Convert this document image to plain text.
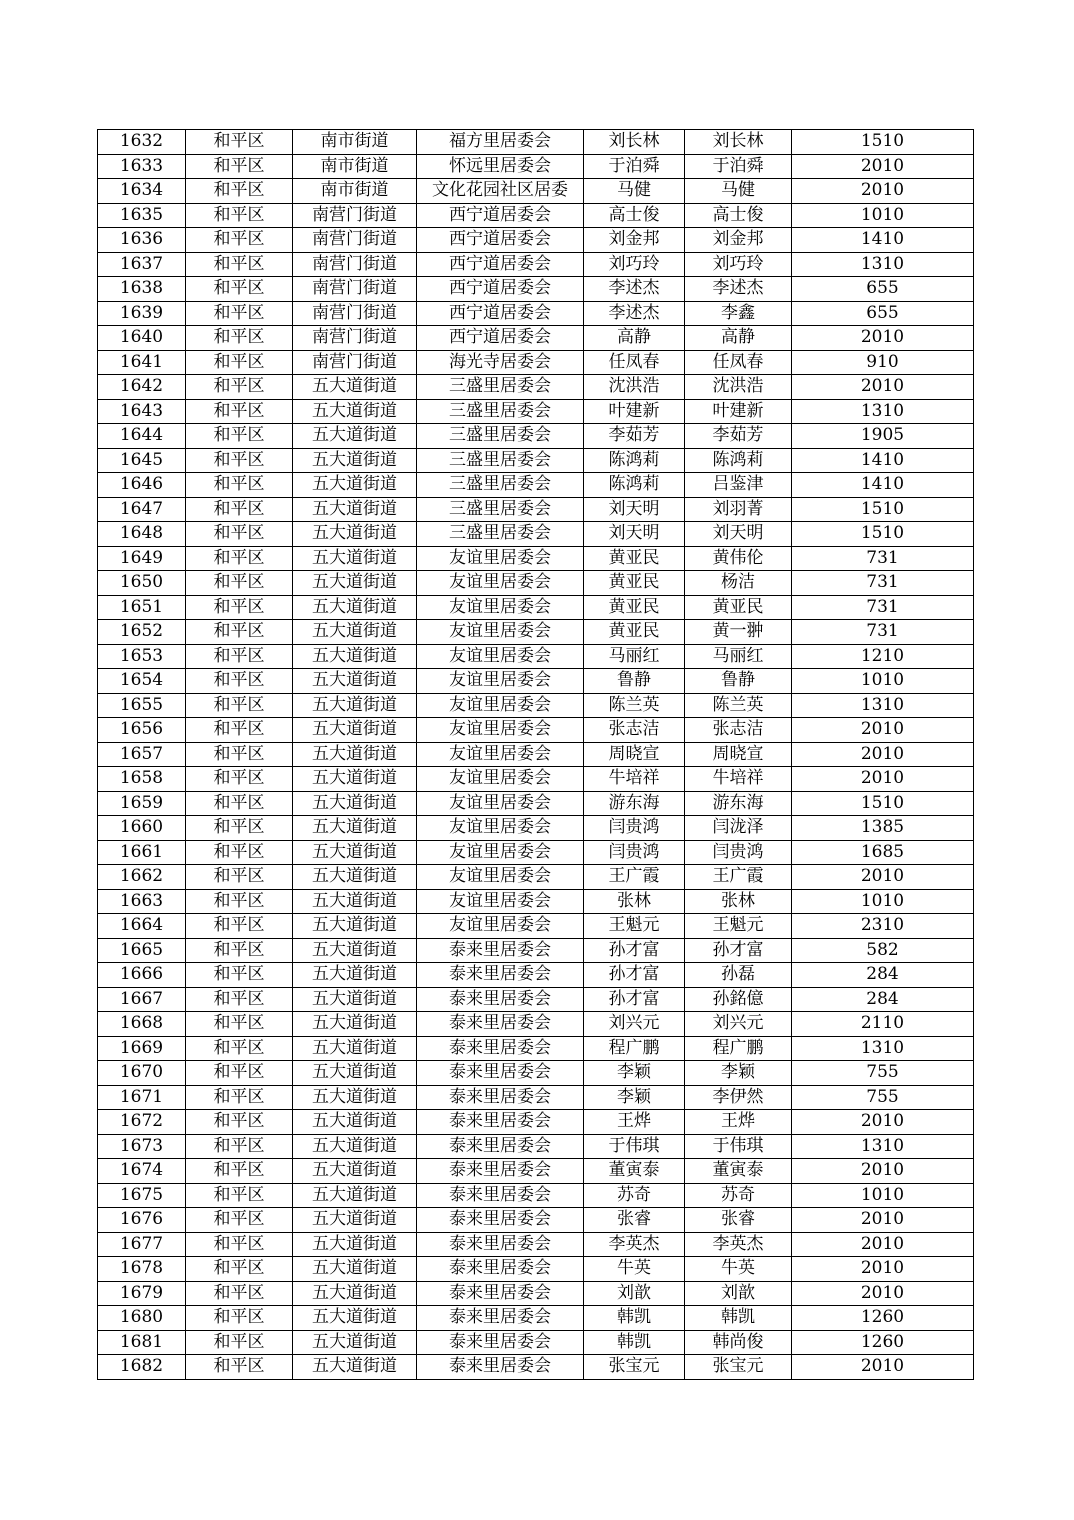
1632	和平区	南市街道	福方里居委会	刘长林	刘长林	1510
1633	和平区	南市街道	怀远里居委会	于泊舜	于泊舜	2010
1634	和平区	南市街道	文化花园社区居委	马健	马健	2010
1635	和平区	南营门街道	西宁道居委会	高士俊	高士俊	1010
1636	和平区	南营门街道	西宁道居委会	刘金邦	刘金邦	1410
1637	和平区	南营门街道	西宁道居委会	刘巧玲	刘巧玲	1310
1638	和平区	南营门街道	西宁道居委会	李述杰	李述杰	655
1639	和平区	南营门街道	西宁道居委会	李述杰	李鑫	655
1640	和平区	南营门街道	西宁道居委会	高静	高静	2010
1641	和平区	南营门街道	海光寺居委会	任凤春	任凤春	910
1642	和平区	五大道街道	三盛里居委会	沈洪浩	沈洪浩	2010
1643	和平区	五大道街道	三盛里居委会	叶建新	叶建新	1310
1644	和平区	五大道街道	三盛里居委会	李茹芳	李茹芳	1905
1645	和平区	五大道街道	三盛里居委会	陈鸿莉	陈鸿莉	1410
1646	和平区	五大道街道	三盛里居委会	陈鸿莉	吕鉴津	1410
1647	和平区	五大道街道	三盛里居委会	刘天明	刘羽菁	1510
1648	和平区	五大道街道	三盛里居委会	刘天明	刘天明	1510
1649	和平区	五大道街道	友谊里居委会	黄亚民	黄伟伦	731
1650	和平区	五大道街道	友谊里居委会	黄亚民	杨洁	731
1651	和平区	五大道街道	友谊里居委会	黄亚民	黄亚民	731
1652	和平区	五大道街道	友谊里居委会	黄亚民	黄一翀	731
1653	和平区	五大道街道	友谊里居委会	马丽红	马丽红	1210
1654	和平区	五大道街道	友谊里居委会	鲁静	鲁静	1010
1655	和平区	五大道街道	友谊里居委会	陈兰英	陈兰英	1310
1656	和平区	五大道街道	友谊里居委会	张志洁	张志洁	2010
1657	和平区	五大道街道	友谊里居委会	周晓宣	周晓宣	2010
1658	和平区	五大道街道	友谊里居委会	牛培祥	牛培祥	2010
1659	和平区	五大道街道	友谊里居委会	游东海	游东海	1510
1660	和平区	五大道街道	友谊里居委会	闫贵鸿	闫泷泽	1385
1661	和平区	五大道街道	友谊里居委会	闫贵鸿	闫贵鸿	1685
1662	和平区	五大道街道	友谊里居委会	王广霞	王广霞	2010
1663	和平区	五大道街道	友谊里居委会	张林	张林	1010
1664	和平区	五大道街道	友谊里居委会	王魁元	王魁元	2310
1665	和平区	五大道街道	泰来里居委会	孙才富	孙才富	582
1666	和平区	五大道街道	泰来里居委会	孙才富	孙磊	284
1667	和平区	五大道街道	泰来里居委会	孙才富	孙銘億	284
1668	和平区	五大道街道	泰来里居委会	刘兴元	刘兴元	2110
1669	和平区	五大道街道	泰来里居委会	程广鹏	程广鹏	1310
1670	和平区	五大道街道	泰来里居委会	李颖	李颖	755
1671	和平区	五大道街道	泰来里居委会	李颖	李伊然	755
1672	和平区	五大道街道	泰来里居委会	王烨	王烨	2010
1673	和平区	五大道街道	泰来里居委会	于伟琪	于伟琪	1310
1674	和平区	五大道街道	泰来里居委会	董寅泰	董寅泰	2010
1675	和平区	五大道街道	泰来里居委会	苏奇	苏奇	1010
1676	和平区	五大道街道	泰来里居委会	张睿	张睿	2010
1677	和平区	五大道街道	泰来里居委会	李英杰	李英杰	2010
1678	和平区	五大道街道	泰来里居委会	牛英	牛英	2010
1679	和平区	五大道街道	泰来里居委会	刘歆	刘歆	2010
1680	和平区	五大道街道	泰来里居委会	韩凯	韩凯	1260
1681	和平区	五大道街道	泰来里居委会	韩凯	韩尚俊	1260
1682	和平区	五大道街道	泰来里居委会	张宝元	张宝元	2010
